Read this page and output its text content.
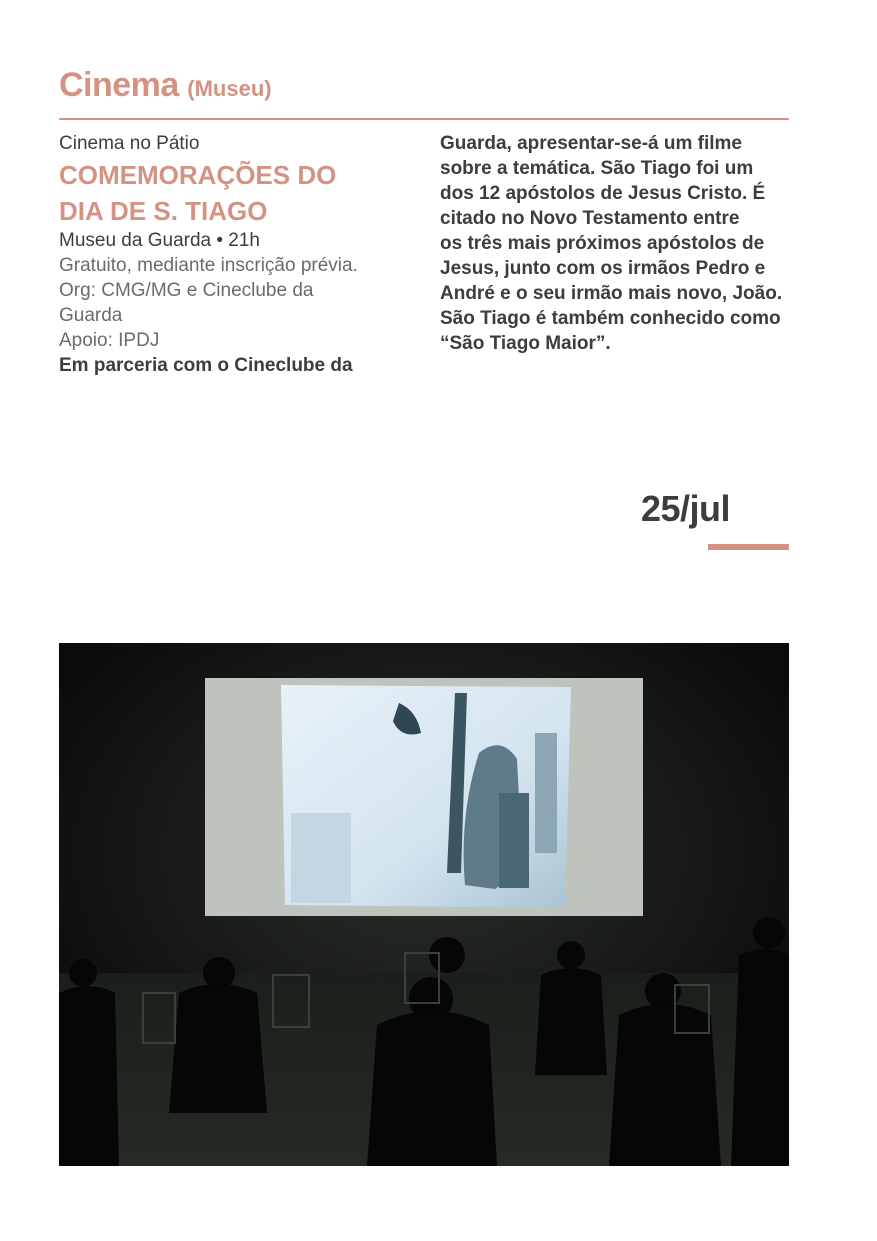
Cinema (Museu)
Cinema no Pátio
COMEMORAÇÕES DO
DIA DE S. TIAGO
Museu da Guarda • 21h
Gratuito, mediante inscrição prévia.
Org: CMG/MG e Cineclube da
Guarda
Apoio: IPDJ
Em parceria com o Cineclube da
Guarda, apresentar-se-á um filme
sobre a temática. São Tiago foi um
dos 12 apóstolos de Jesus Cristo. É
citado no Novo Testamento entre
os três mais próximos apóstolos de
Jesus, junto com os irmãos Pedro e
André e o seu irmão mais novo, João.
São Tiago é também conhecido como
“São Tiago Maior”.
25/jul
